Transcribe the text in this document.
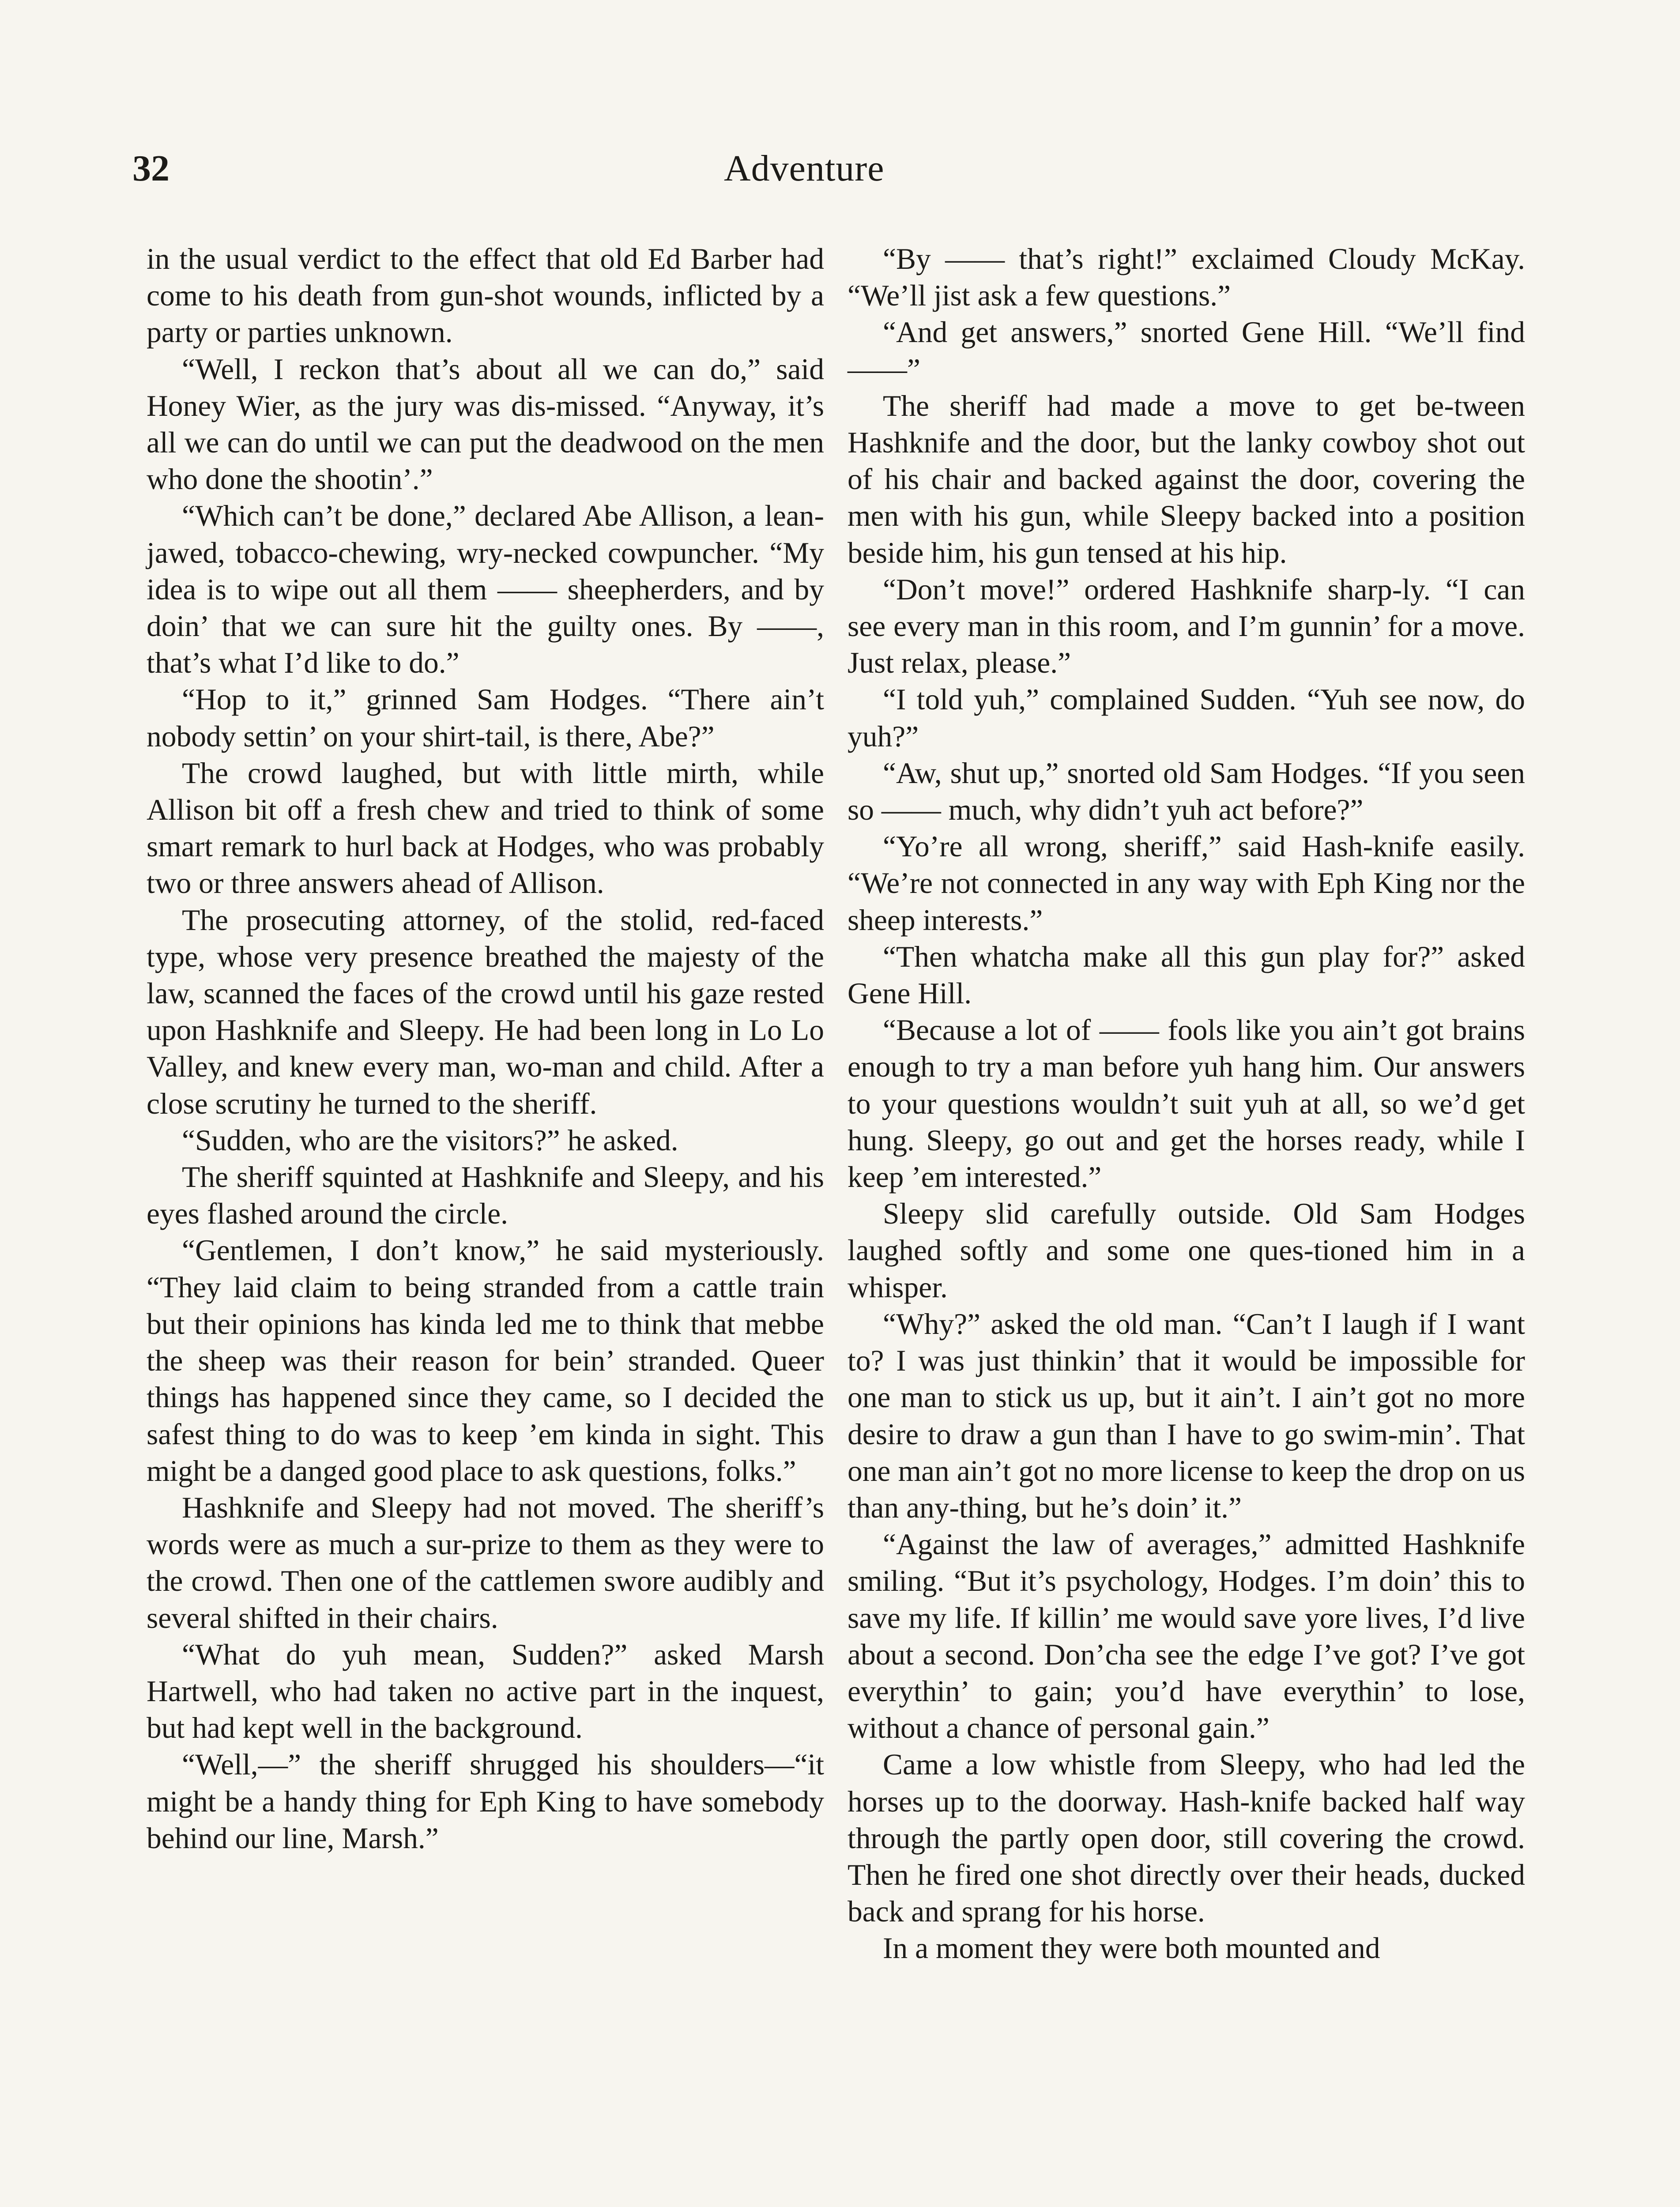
32	Adventure

in the usual verdict to the effect that old Ed Barber had come to his death from gun-shot wounds, inflicted by a party or parties unknown.

“Well, I reckon that’s about all we can do,” said Honey Wier, as the jury was dis-missed. “Anyway, it’s all we can do until we can put the deadwood on the men who done the shootin’.”

“Which can’t be done,” declared Abe Allison, a lean-jawed, tobacco-chewing, wry-necked cowpuncher. “My idea is to wipe out all them —— sheepherders, and by doin’ that we can sure hit the guilty ones. By ——, that’s what I’d like to do.”

“Hop to it,” grinned Sam Hodges. “There ain’t nobody settin’ on your shirt-tail, is there, Abe?”

The crowd laughed, but with little mirth, while Allison bit off a fresh chew and tried to think of some smart remark to hurl back at Hodges, who was probably two or three answers ahead of Allison.

The prosecuting attorney, of the stolid, red-faced type, whose very presence breathed the majesty of the law, scanned the faces of the crowd until his gaze rested upon Hashknife and Sleepy. He had been long in Lo Lo Valley, and knew every man, wo-man and child. After a close scrutiny he turned to the sheriff.

“Sudden, who are the visitors?” he asked.

The sheriff squinted at Hashknife and Sleepy, and his eyes flashed around the circle.

“Gentlemen, I don’t know,” he said mysteriously. “They laid claim to being stranded from a cattle train but their opinions has kinda led me to think that mebbe the sheep was their reason for bein’ stranded. Queer things has happened since they came, so I decided the safest thing to do was to keep ’em kinda in sight. This might be a danged good place to ask questions, folks.”

Hashknife and Sleepy had not moved. The sheriff’s words were as much a sur-prize to them as they were to the crowd. Then one of the cattlemen swore audibly and several shifted in their chairs.

“What do yuh mean, Sudden?” asked Marsh Hartwell, who had taken no active part in the inquest, but had kept well in the background.

“Well,—” the sheriff shrugged his shoulders—“it might be a handy thing for Eph King to have somebody behind our line, Marsh.”

“By —— that’s right!” exclaimed Cloudy McKay. “We’ll jist ask a few questions.”

“And get answers,” snorted Gene Hill. “We’ll find——”

The sheriff had made a move to get be-tween Hashknife and the door, but the lanky cowboy shot out of his chair and backed against the door, covering the men with his gun, while Sleepy backed into a position beside him, his gun tensed at his hip.

“Don’t move!” ordered Hashknife sharp-ly. “I can see every man in this room, and I’m gunnin’ for a move. Just relax, please.”

“I told yuh,” complained Sudden. “Yuh see now, do yuh?”

“Aw, shut up,” snorted old Sam Hodges. “If you seen so —— much, why didn’t yuh act before?”

“Yo’re all wrong, sheriff,” said Hash-knife easily. “We’re not connected in any way with Eph King nor the sheep interests.”

“Then whatcha make all this gun play for?” asked Gene Hill.

“Because a lot of —— fools like you ain’t got brains enough to try a man before yuh hang him. Our answers to your questions wouldn’t suit yuh at all, so we’d get hung. Sleepy, go out and get the horses ready, while I keep ’em interested.”

Sleepy slid carefully outside. Old Sam Hodges laughed softly and some one ques-tioned him in a whisper.

“Why?” asked the old man. “Can’t I laugh if I want to? I was just thinkin’ that it would be impossible for one man to stick us up, but it ain’t. I ain’t got no more desire to draw a gun than I have to go swim-min’. That one man ain’t got no more license to keep the drop on us than any-thing, but he’s doin’ it.”

“Against the law of averages,” admitted Hashknife smiling. “But it’s psychology, Hodges. I’m doin’ this to save my life. If killin’ me would save yore lives, I’d live about a second. Don’cha see the edge I’ve got? I’ve got everythin’ to gain; you’d have everythin’ to lose, without a chance of personal gain.”

Came a low whistle from Sleepy, who had led the horses up to the doorway. Hash-knife backed half way through the partly open door, still covering the crowd. Then he fired one shot directly over their heads, ducked back and sprang for his horse.

In a moment they were both mounted and
